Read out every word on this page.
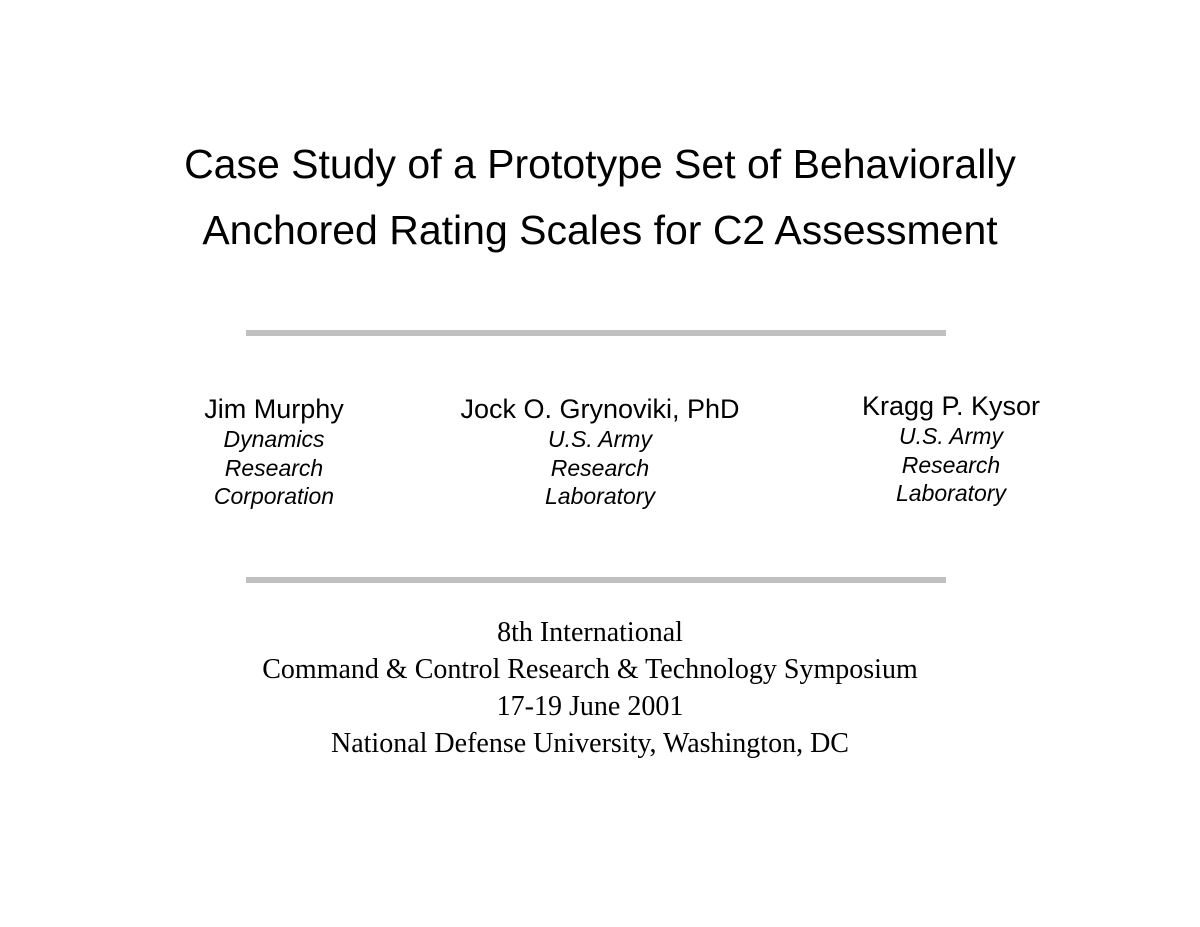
Case Study of a Prototype Set of Behaviorally
Anchored Rating Scales for C2 Assessment
Jim Murphy
Dynamics
Research
Corporation
Jock O. Grynoviki, PhD
U.S. Army
Research
Laboratory
Kragg P. Kysor
U.S. Army
Research
Laboratory
8th International
Command & Control Research & Technology Symposium
17-19 June 2001
National Defense University, Washington, DC
